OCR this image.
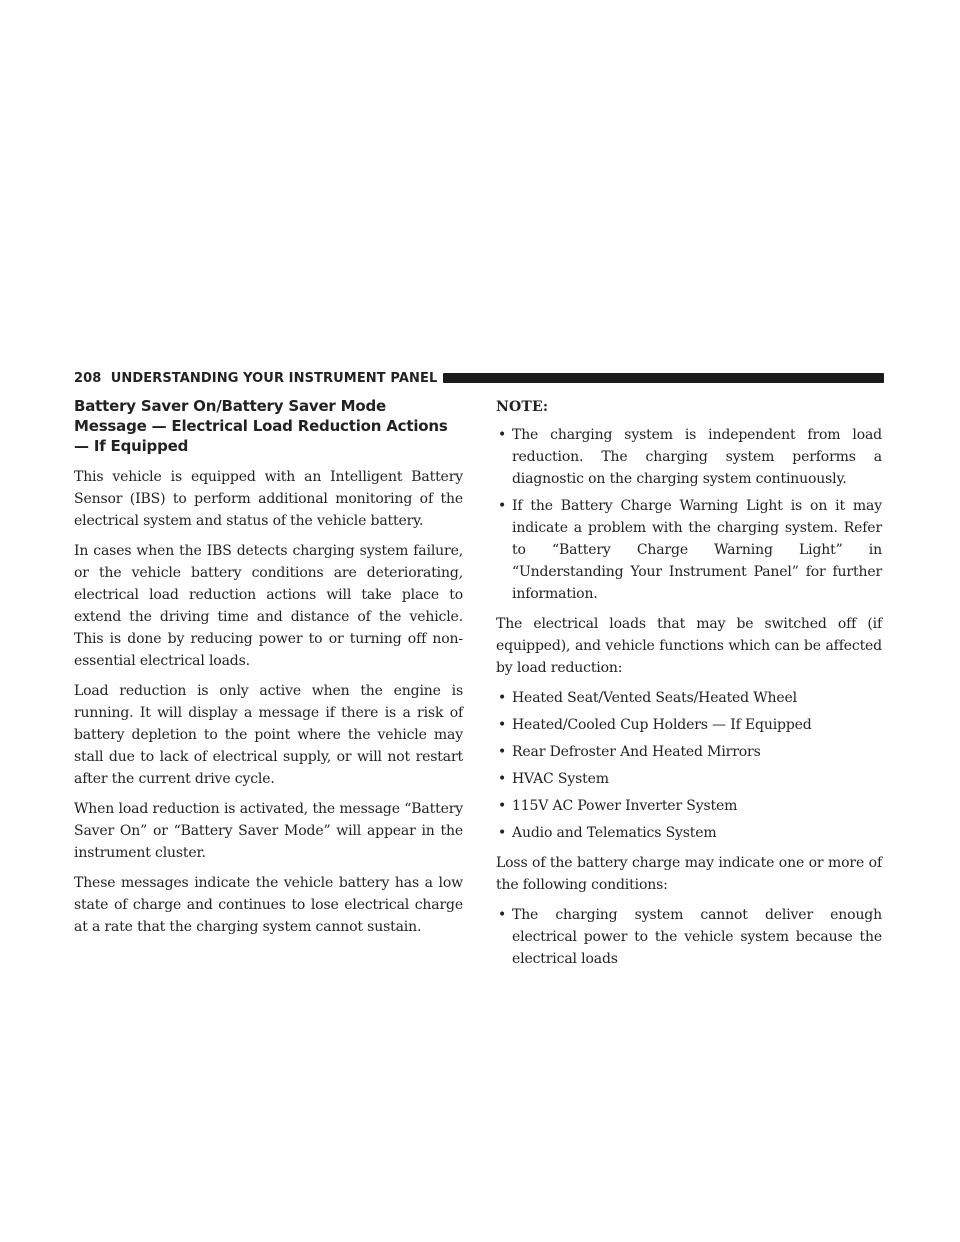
208 UNDERSTANDING YOUR INSTRUMENT PANEL
Battery Saver On/Battery Saver Mode Message — Electrical Load Reduction Actions — If Equipped

This vehicle is equipped with an Intelligent Battery Sensor (IBS) to perform additional monitoring of the electrical system and status of the vehicle battery.

In cases when the IBS detects charging system failure, or the vehicle battery conditions are deteriorating, electrical load reduction actions will take place to extend the driving time and distance of the vehicle. This is done by reducing power to or turning off non-essential electrical loads.

Load reduction is only active when the engine is running. It will display a message if there is a risk of battery depletion to the point where the vehicle may stall due to lack of electrical supply, or will not restart after the current drive cycle.

When load reduction is activated, the message “Battery Saver On” or “Battery Saver Mode” will appear in the instrument cluster.

These messages indicate the vehicle battery has a low state of charge and continues to lose electrical charge at a rate that the charging system cannot sustain.

NOTE:
• The charging system is independent from load reduction. The charging system performs a diagnostic on the charging system continuously.
• If the Battery Charge Warning Light is on it may indicate a problem with the charging system. Refer to “Battery Charge Warning Light” in “Understanding Your Instrument Panel” for further information.

The electrical loads that may be switched off (if equipped), and vehicle functions which can be affected by load reduction:

• Heated Seat/Vented Seats/Heated Wheel
• Heated/Cooled Cup Holders — If Equipped
• Rear Defroster And Heated Mirrors
• HVAC System
• 115V AC Power Inverter System
• Audio and Telematics System

Loss of the battery charge may indicate one or more of the following conditions:

• The charging system cannot deliver enough electrical power to the vehicle system because the electrical loads
